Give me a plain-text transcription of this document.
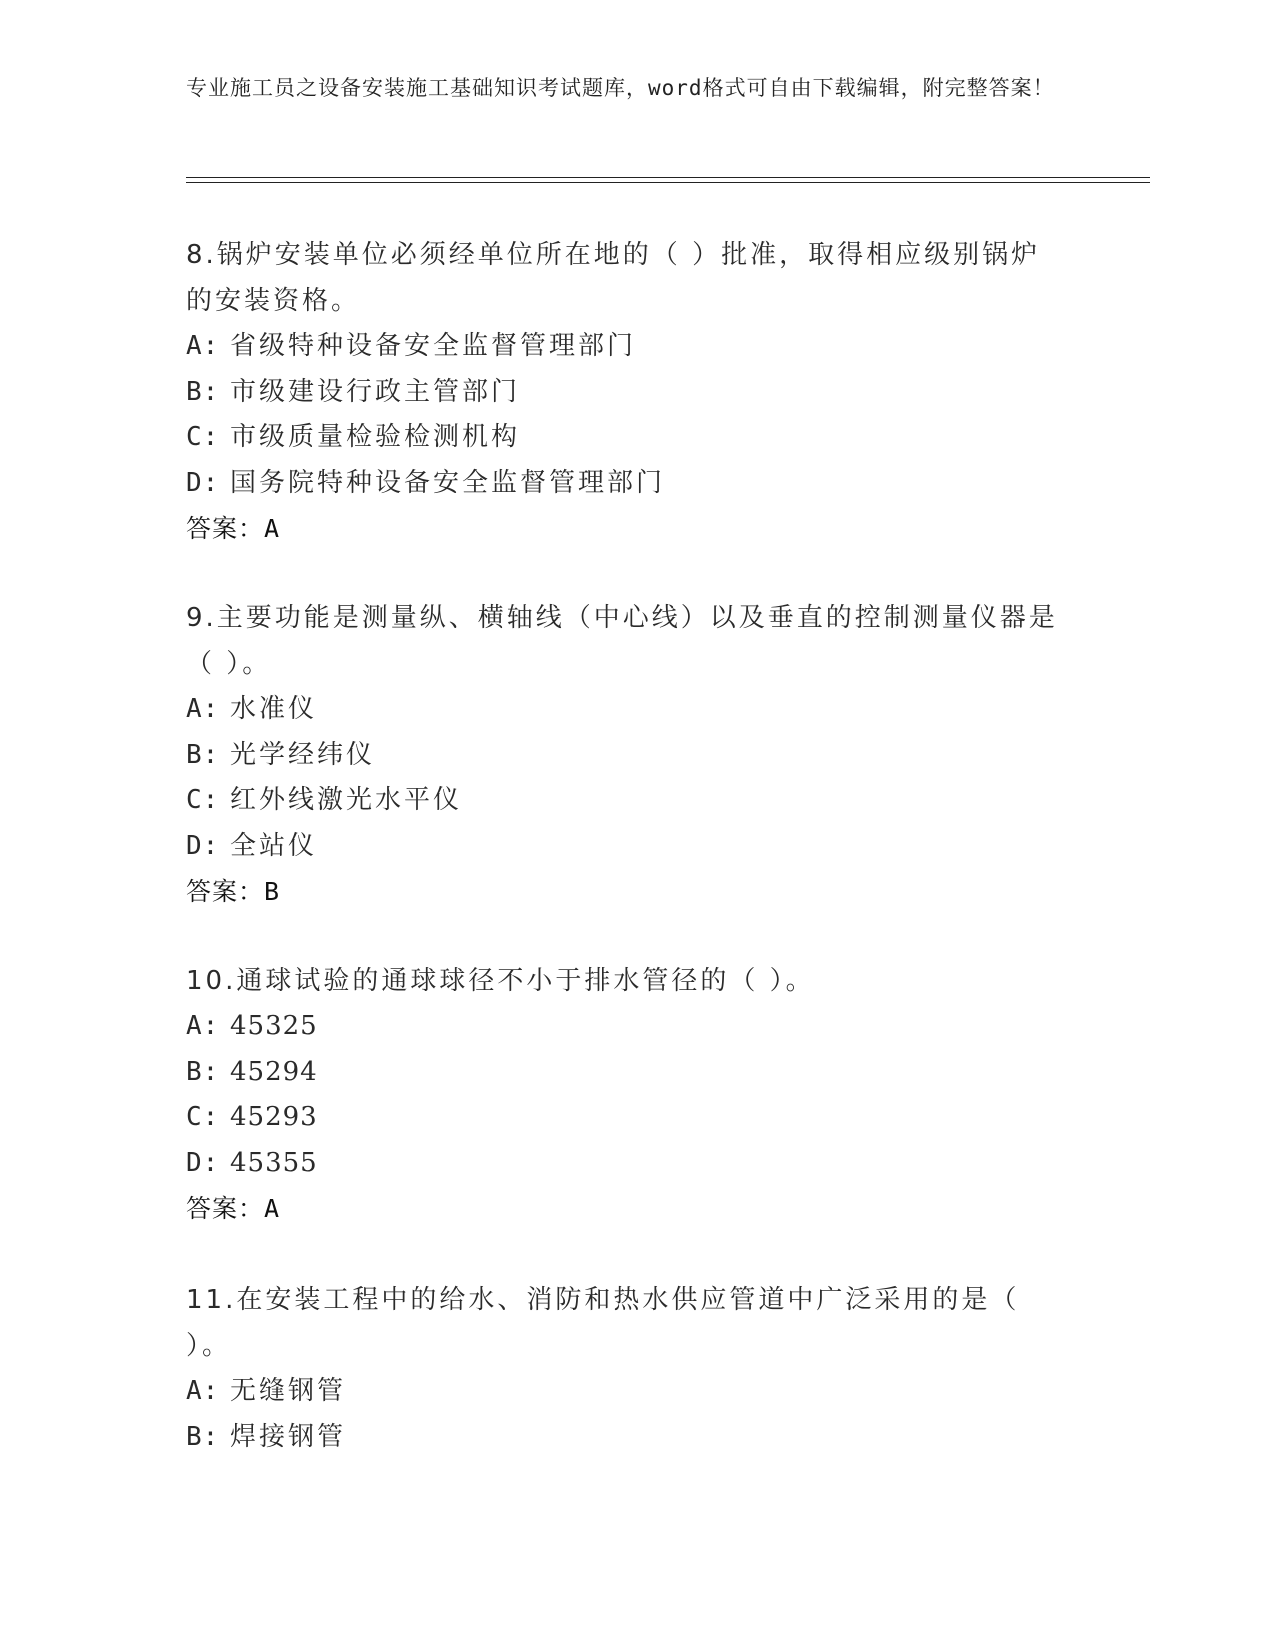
专业施工员之设备安装施工基础知识考试题库，word格式可自由下载编辑，附完整答案！

8.锅炉安装单位必须经单位所在地的（ ）批准，取得相应级别锅炉的安装资格。

A: 省级特种设备安全监督管理部门

B: 市级建设行政主管部门

C: 市级质量检验检测机构

D: 国务院特种设备安全监督管理部门

答案：A

9.主要功能是测量纵、横轴线（中心线）以及垂直的控制测量仪器是（ ）。

A: 水准仪

B: 光学经纬仪

C: 红外线激光水平仪

D: 全站仪

答案：B

10.通球试验的通球球径不小于排水管径的（ ）。

A: 45325

B: 45294

C: 45293

D: 45355

答案：A

11.在安装工程中的给水、消防和热水供应管道中广泛采用的是（ ）。

A: 无缝钢管

B: 焊接钢管
